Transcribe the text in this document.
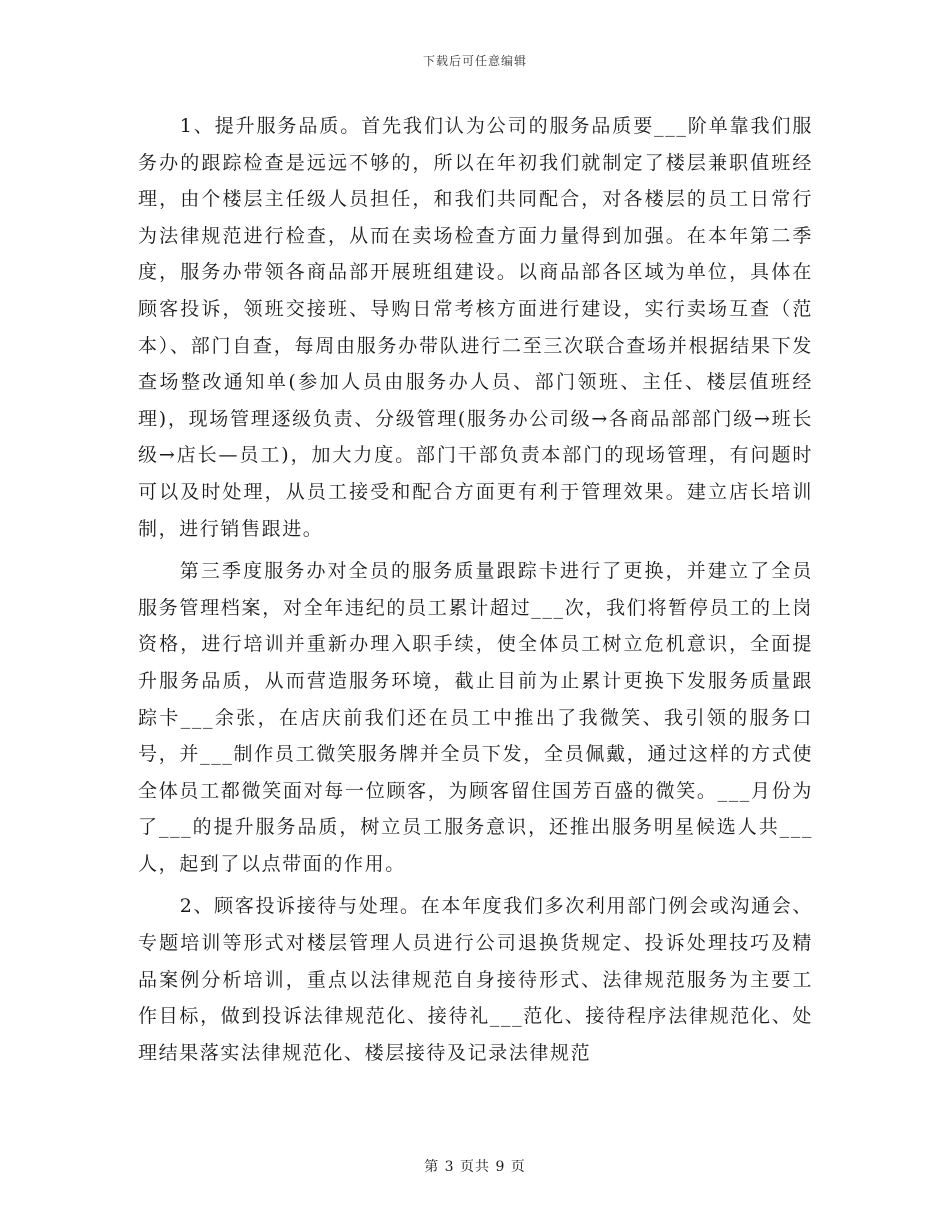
下载后可任意编辑

1、提升服务品质。首先我们认为公司的服务品质要___阶单靠我们服务办的跟踪检查是远远不够的，所以在年初我们就制定了楼层兼职值班经理，由个楼层主任级人员担任，和我们共同配合，对各楼层的员工日常行为法律规范进行检查，从而在卖场检查方面力量得到加强。在本年第二季度，服务办带领各商品部开展班组建设。以商品部各区域为单位，具体在顾客投诉，领班交接班、导购日常考核方面进行建设，实行卖场互查（范本）、部门自查，每周由服务办带队进行二至三次联合查场并根据结果下发查场整改通知单(参加人员由服务办人员、部门领班、主任、楼层值班经理)，现场管理逐级负责、分级管理(服务办公司级→各商品部部门级→班长级→店长—员工)，加大力度。部门干部负责本部门的现场管理，有问题时可以及时处理，从员工接受和配合方面更有利于管理效果。建立店长培训制，进行销售跟进。

第三季度服务办对全员的服务质量跟踪卡进行了更换，并建立了全员服务管理档案，对全年违纪的员工累计超过___次，我们将暂停员工的上岗资格，进行培训并重新办理入职手续，使全体员工树立危机意识，全面提升服务品质，从而营造服务环境，截止目前为止累计更换下发服务质量跟踪卡___余张，在店庆前我们还在员工中推出了我微笑、我引领的服务口号，并___制作员工微笑服务牌并全员下发，全员佩戴，通过这样的方式使全体员工都微笑面对每一位顾客，为顾客留住国芳百盛的微笑。___月份为了___的提升服务品质，树立员工服务意识，还推出服务明星候选人共___人，起到了以点带面的作用。

2、顾客投诉接待与处理。在本年度我们多次利用部门例会或沟通会、专题培训等形式对楼层管理人员进行公司退换货规定、投诉处理技巧及精品案例分析培训，重点以法律规范自身接待形式、法律规范服务为主要工作目标，做到投诉法律规范化、接待礼___范化、接待程序法律规范化、处理结果落实法律规范化、楼层接待及记录法律规范

第 3 页共 9 页
